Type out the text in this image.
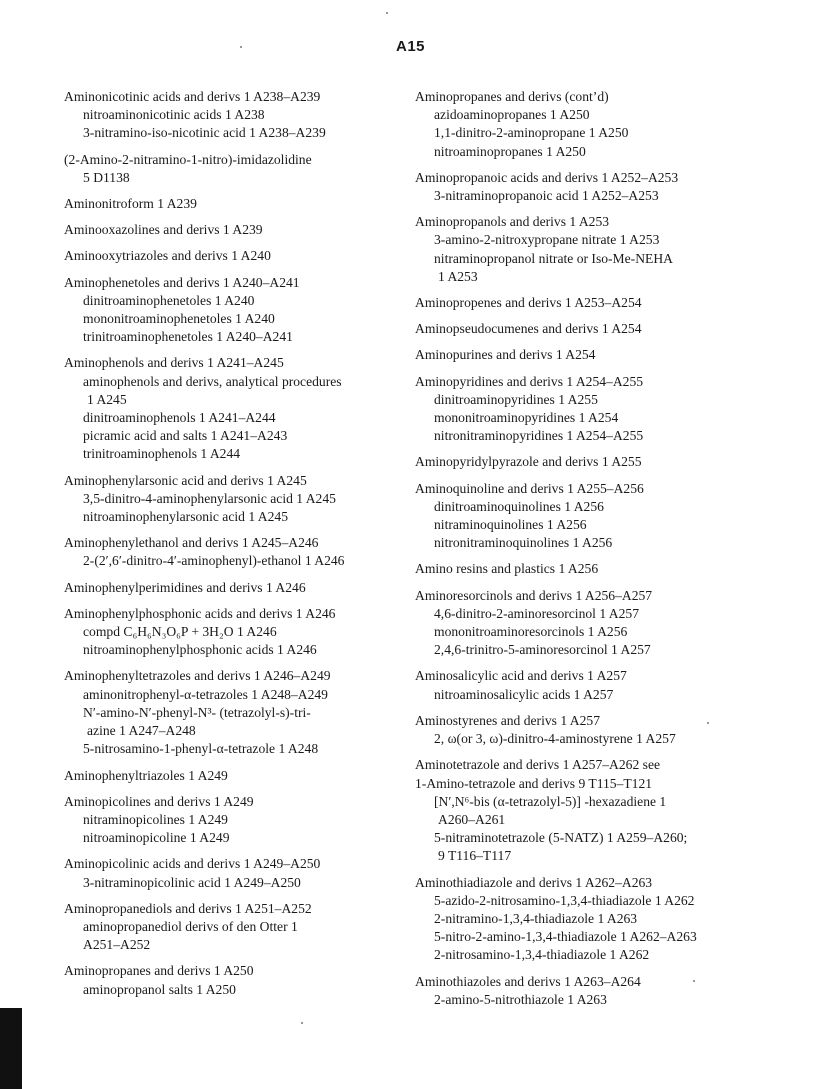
A15
Aminonicotinic acids and derivs 1 A238–A239
nitroaminonicotinic acids 1 A238
3-nitramino-iso-nicotinic acid 1 A238–A239
(2-Amino-2-nitramino-1-nitro)-imidazolidine
5 D1138
Aminonitroform 1 A239
Aminooxazolines and derivs 1 A239
Aminooxytriazoles and derivs 1 A240
Aminophenetoles and derivs 1 A240–A241
dinitroaminophenetoles 1 A240
mononitroaminophenetoles 1 A240
trinitroaminophenetoles 1 A240–A241
Aminophenols and derivs 1 A241–A245
aminophenols and derivs, analytical procedures
1 A245
dinitroaminophenols 1 A241–A244
picramic acid and salts 1 A241–A243
trinitroaminophenols 1 A244
Aminophenylarsonic acid and derivs 1 A245
3,5-dinitro-4-aminophenylarsonic acid 1 A245
nitroaminophenylarsonic acid 1 A245
Aminophenylethanol and derivs 1 A245–A246
2-(2′,6′-dinitro-4′-aminophenyl)-ethanol 1 A246
Aminophenylperimidines and derivs 1 A246
Aminophenylphosphonic acids and derivs 1 A246
compd C₆H₆N₃O₆P + 3H₂O 1 A246
nitroaminophenylphosphonic acids 1 A246
Aminophenyltetrazoles and derivs 1 A246–A249
aminonitrophenyl-α-tetrazoles 1 A248–A249
N′-amino-N′-phenyl-N³- (tetrazolyl-s)-tri-
azine 1 A247–A248
5-nitrosamino-1-phenyl-α-tetrazole 1 A248
Aminophenyltriazoles 1 A249
Aminopicolines and derivs 1 A249
nitraminopicolines 1 A249
nitroaminopicoline 1 A249
Aminopicolinic acids and derivs 1 A249–A250
3-nitraminopicolinic acid 1 A249–A250
Aminopropanediols and derivs 1 A251–A252
aminopropanediol derivs of den Otter 1
A251–A252
Aminopropanes and derivs 1 A250
aminopropanol salts 1 A250
Aminopropanes and derivs (cont’d)
azidoaminopropanes 1 A250
1,1-dinitro-2-aminopropane 1 A250
nitroaminopropanes 1 A250
Aminopropanoic acids and derivs 1 A252–A253
3-nitraminopropanoic acid 1 A252–A253
Aminopropanols and derivs 1 A253
3-amino-2-nitroxypropane nitrate 1 A253
nitraminopropanol nitrate or Iso-Me-NEHA
1 A253
Aminopropenes and derivs 1 A253–A254
Aminopseudocumenes and derivs 1 A254
Aminopurines and derivs 1 A254
Aminopyridines and derivs 1 A254–A255
dinitroaminopyridines 1 A255
mononitroaminopyridines 1 A254
nitronitraminopyridines 1 A254–A255
Aminopyridylpyrazole and derivs 1 A255
Aminoquinoline and derivs 1 A255–A256
dinitroaminoquinolines 1 A256
nitraminoquinolines 1 A256
nitronitraminoquinolines 1 A256
Amino resins and plastics 1 A256
Aminoresorcinols and derivs 1 A256–A257
4,6-dinitro-2-aminoresorcinol 1 A257
mononitroaminoresorcinols 1 A256
2,4,6-trinitro-5-aminoresorcinol 1 A257
Aminosalicylic acid and derivs 1 A257
nitroaminosalicylic acids 1 A257
Aminostyrenes and derivs 1 A257
2, ω(or 3, ω)-dinitro-4-aminostyrene 1 A257
Aminotetrazole and derivs 1 A257–A262 see
1-Amino-tetrazole and derivs 9 T115–T121
[N′,N⁶-bis (α-tetrazolyl-5)] -hexazadiene 1
A260–A261
5-nitraminotetrazole (5-NATZ) 1 A259–A260;
9 T116–T117
Aminothiadiazole and derivs 1 A262–A263
5-azido-2-nitrosamino-1,3,4-thiadiazole 1 A262
2-nitramino-1,3,4-thiadiazole 1 A263
5-nitro-2-amino-1,3,4-thiadiazole 1 A262–A263
2-nitrosamino-1,3,4-thiadiazole 1 A262
Aminothiazoles and derivs 1 A263–A264
2-amino-5-nitrothiazole 1 A263
